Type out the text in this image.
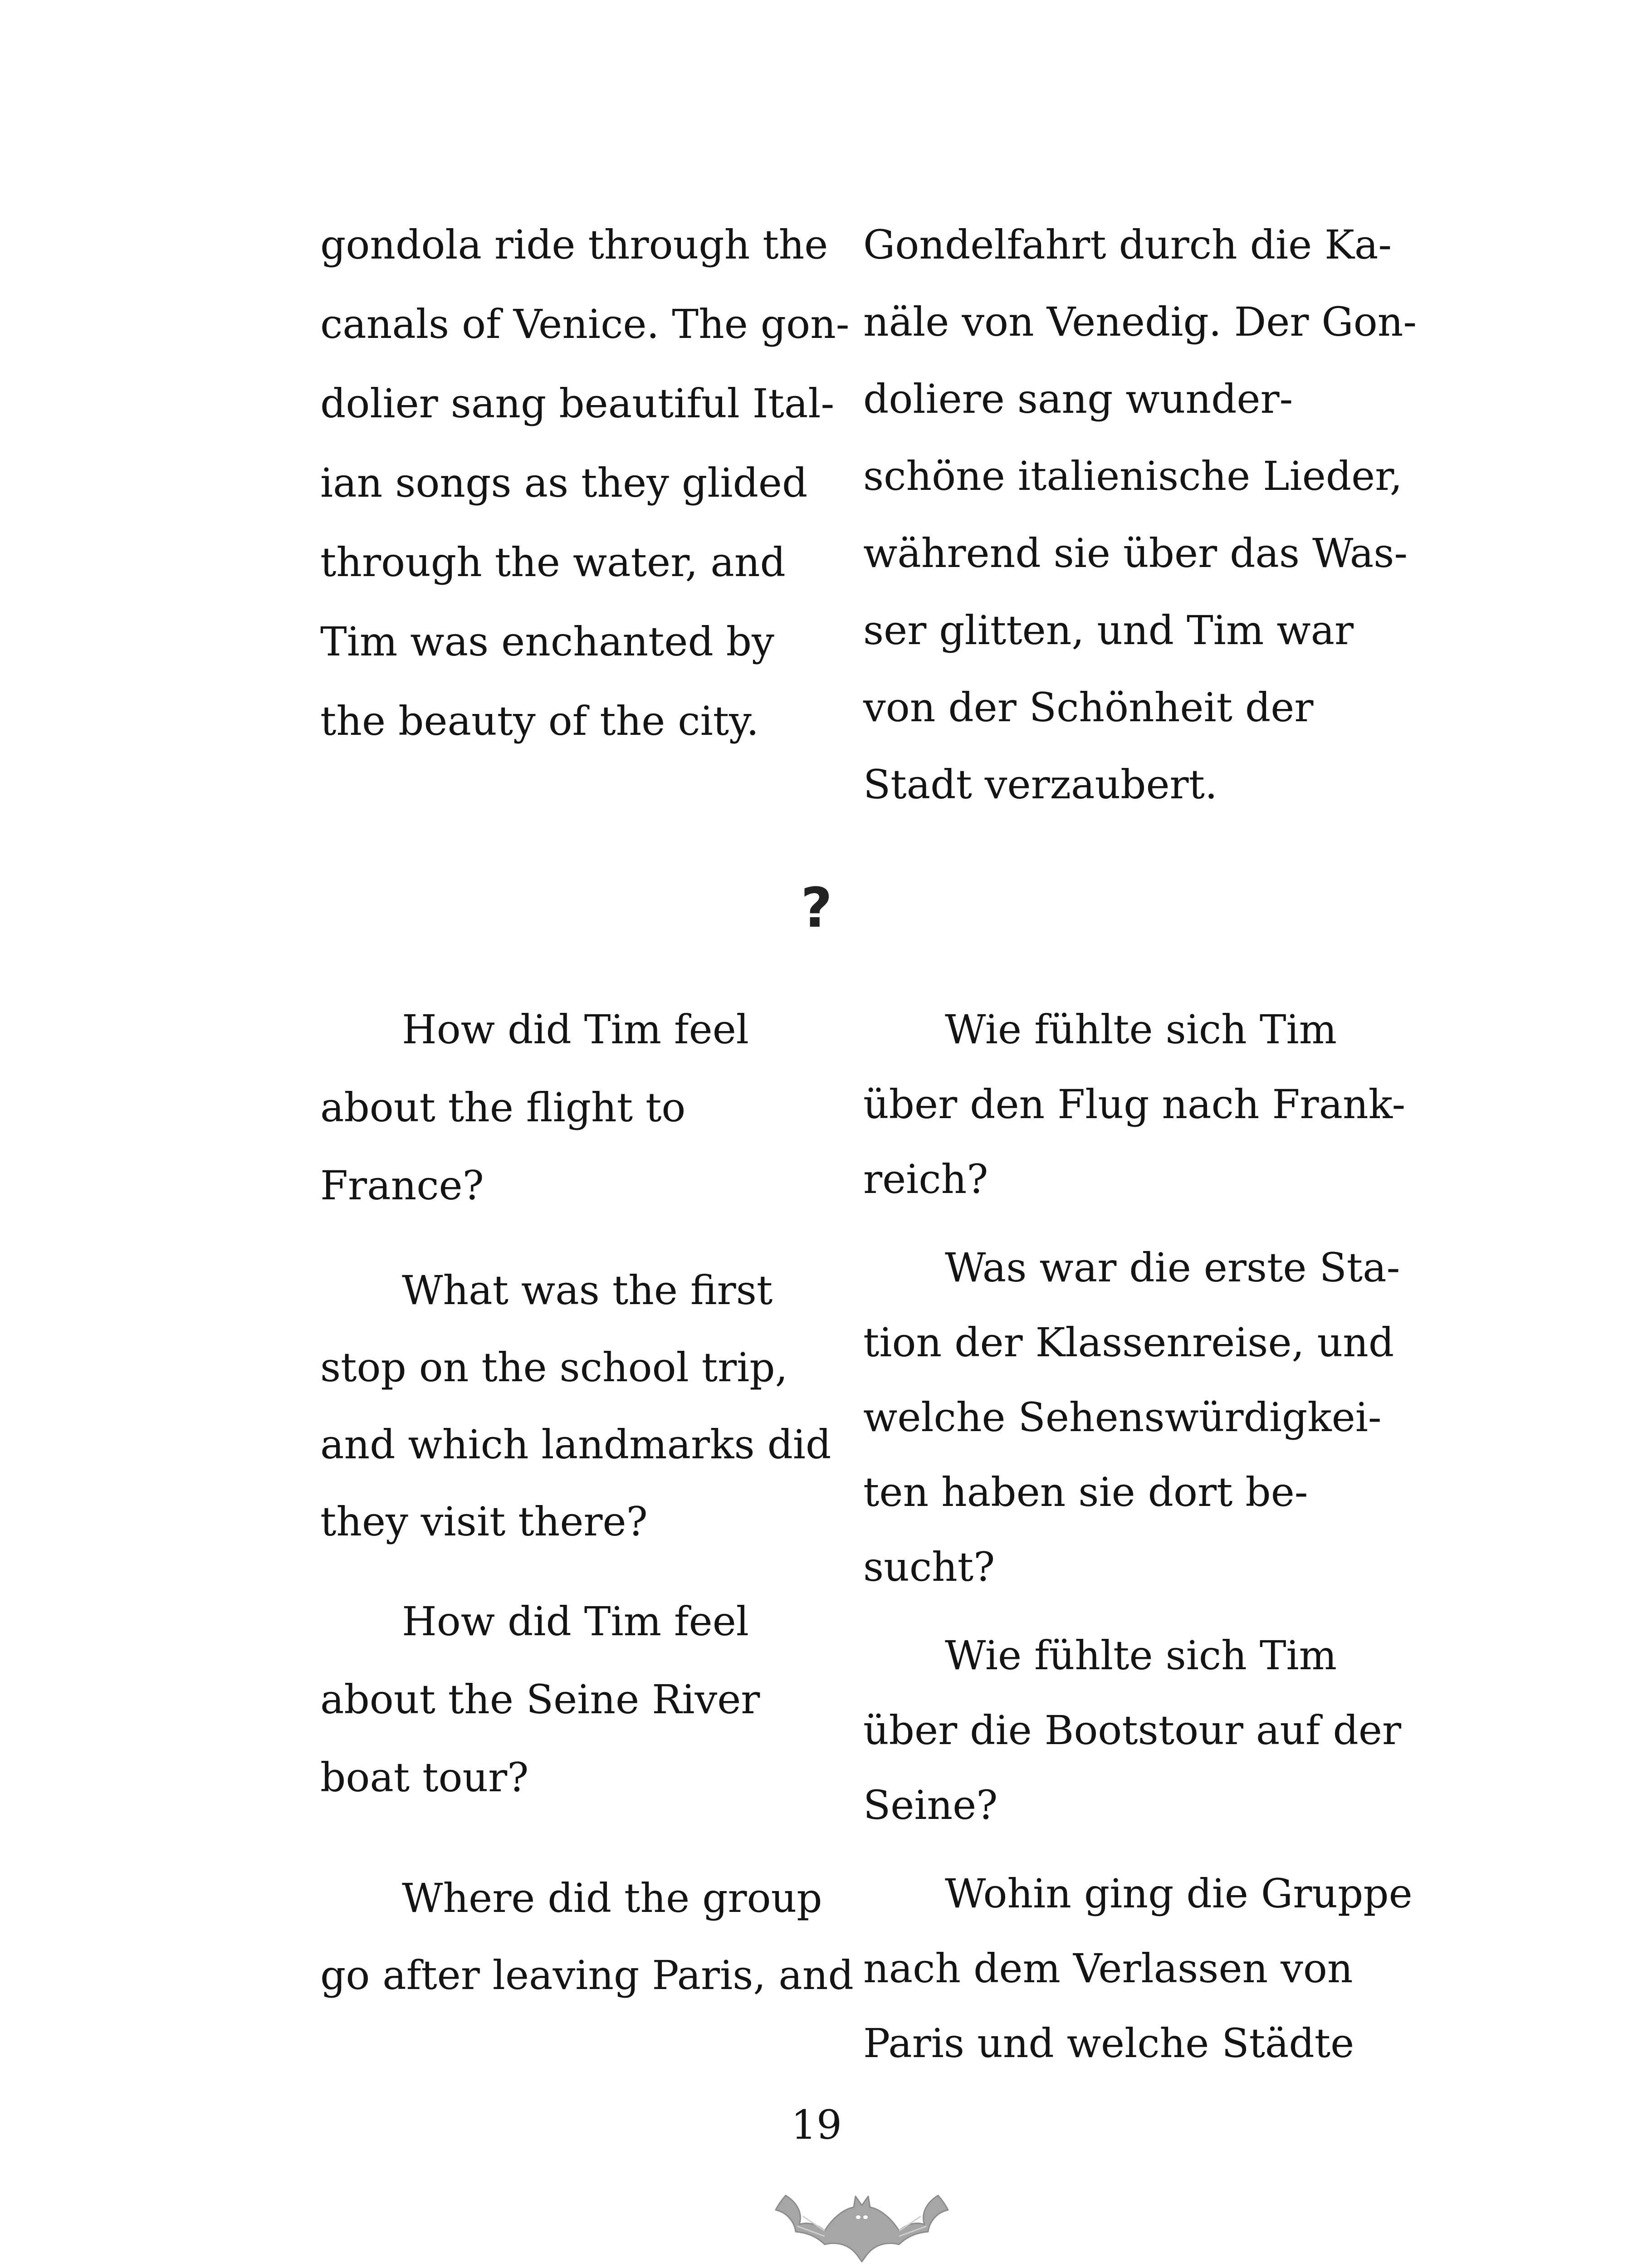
gondola ride through the
canals of Venice. The gon-
dolier sang beautiful Ital-
ian songs as they glided
through the water, and
Tim was enchanted by
the beauty of the city.
How did Tim feel
about the flight to
France?
What was the first
stop on the school trip,
and which landmarks did
they visit there?
How did Tim feel
about the Seine River
boat tour?
Where did the group
go after leaving Paris, and
Gondelfahrt durch die Ka-
näle von Venedig. Der Gon-
doliere sang wunder-
schöne italienische Lieder,
während sie über das Was-
ser glitten, und Tim war
von der Schönheit der
Stadt verzaubert.
Wie fühlte sich Tim
über den Flug nach Frank-
reich?
Was war die erste Sta-
tion der Klassenreise, und
welche Sehenswürdigkei-
ten haben sie dort be-
sucht?
Wie fühlte sich Tim
über die Bootstour auf der
Seine?
Wohin ging die Gruppe
nach dem Verlassen von
Paris und welche Städte
?
19
